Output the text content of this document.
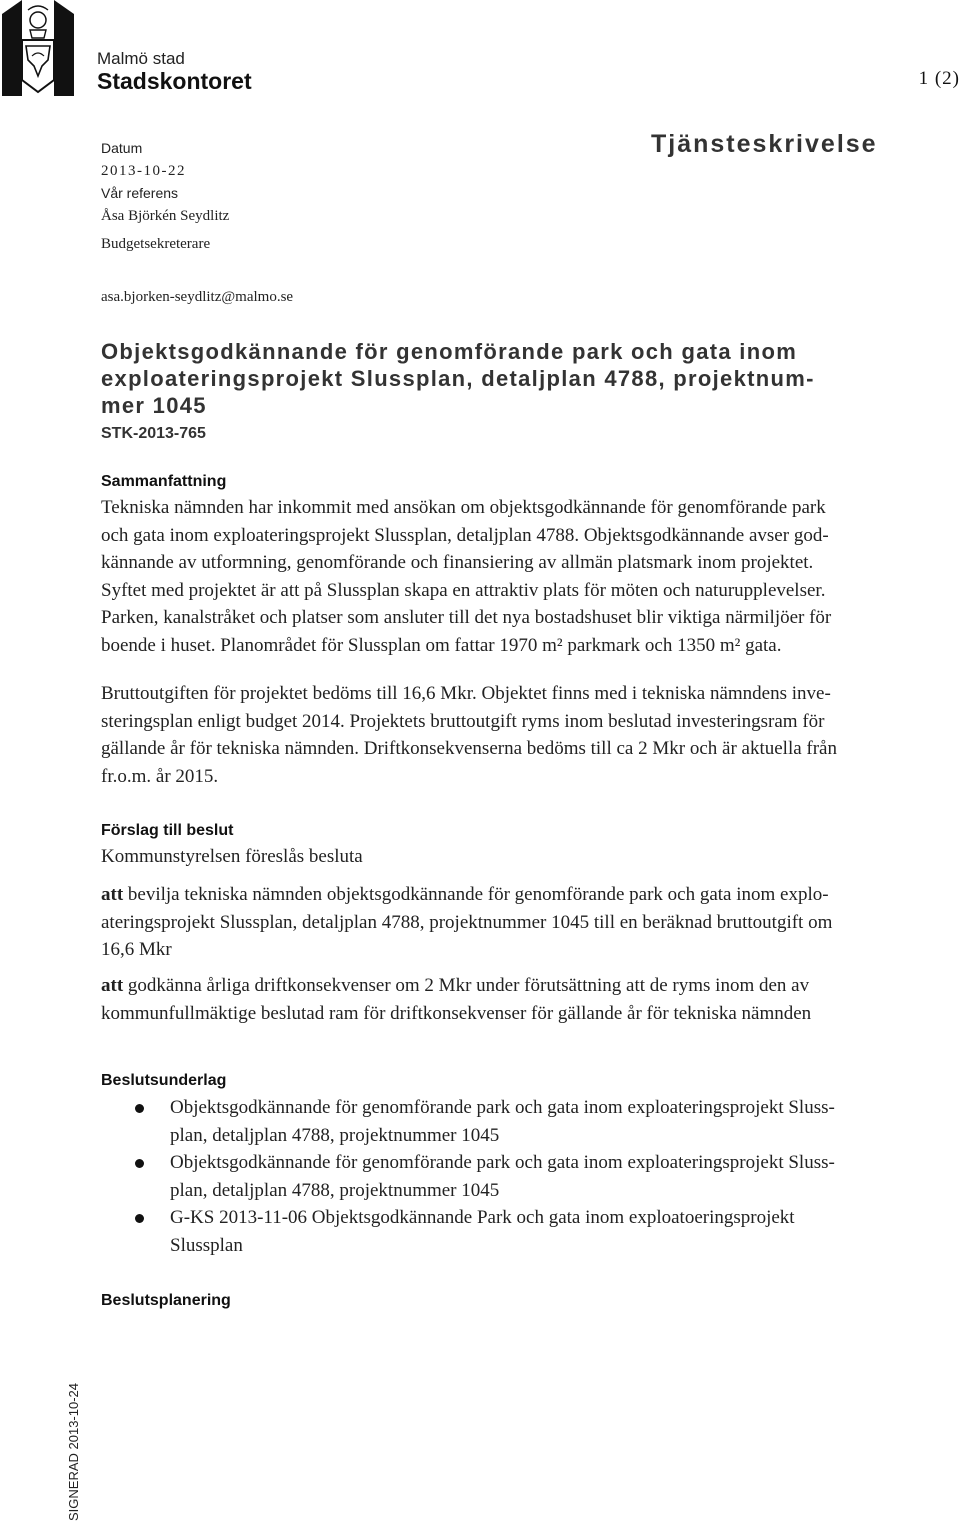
Malmö stad
Stadskontoret	1 (2)
Datum
2013-10-22
Vår referens
Åsa Björkén Seydlitz
Budgetsekreterare
asa.bjorken-seydlitz@malmo.se
Tjänsteskrivelse
Objektsgodkännande för genomförande park och gata inom
exploateringsprojekt Slussplan, detaljplan 4788, projektnum-
mer 1045
STK-2013-765
Sammanfattning
Tekniska nämnden har inkommit med ansökan om objektsgodkännande för genomförande park
och gata inom exploateringsprojekt Slussplan, detaljplan 4788. Objektsgodkännande avser god-
kännande av utformning, genomförande och finansiering av allmän platsmark inom projektet.
Syftet med projektet är att på Slussplan skapa en attraktiv plats för möten och naturupplevelser.
Parken, kanalstråket och platser som ansluter till det nya bostadshuset blir viktiga närmiljöer för
boende i huset. Planområdet för Slussplan om fattar 1970 m² parkmark och 1350 m² gata.
Bruttoutgiften för projektet bedöms till 16,6 Mkr. Objektet finns med i tekniska nämndens inve-
steringsplan enligt budget 2014. Projektets bruttoutgift ryms inom beslutad investeringsram för
gällande år för tekniska nämnden. Driftkonsekvenserna bedöms till ca 2 Mkr och är aktuella från
fr.o.m. år 2015.
Förslag till beslut
Kommunstyrelsen föreslås besluta
att bevilja tekniska nämnden objektsgodkännande för genomförande park och gata inom explo-
ateringsprojekt Slussplan, detaljplan 4788, projektnummer 1045 till en beräknad bruttoutgift om
16,6 Mkr
att godkänna årliga driftkonsekvenser om 2 Mkr under förutsättning att de ryms inom den av
kommunfullmäktige beslutad ram för driftkonsekvenser för gällande år för tekniska nämnden
Beslutsunderlag
Objektsgodkännande för genomförande park och gata inom exploateringsprojekt Sluss-
plan, detaljplan 4788, projektnummer 1045
Objektsgodkännande för genomförande park och gata inom exploateringsprojekt Sluss-
plan, detaljplan 4788, projektnummer 1045
G-KS 2013-11-06 Objektsgodkännande Park och gata inom exploatoeringsprojekt
Slussplan
Beslutsplanering
SIGNERAD 2013-10-24
